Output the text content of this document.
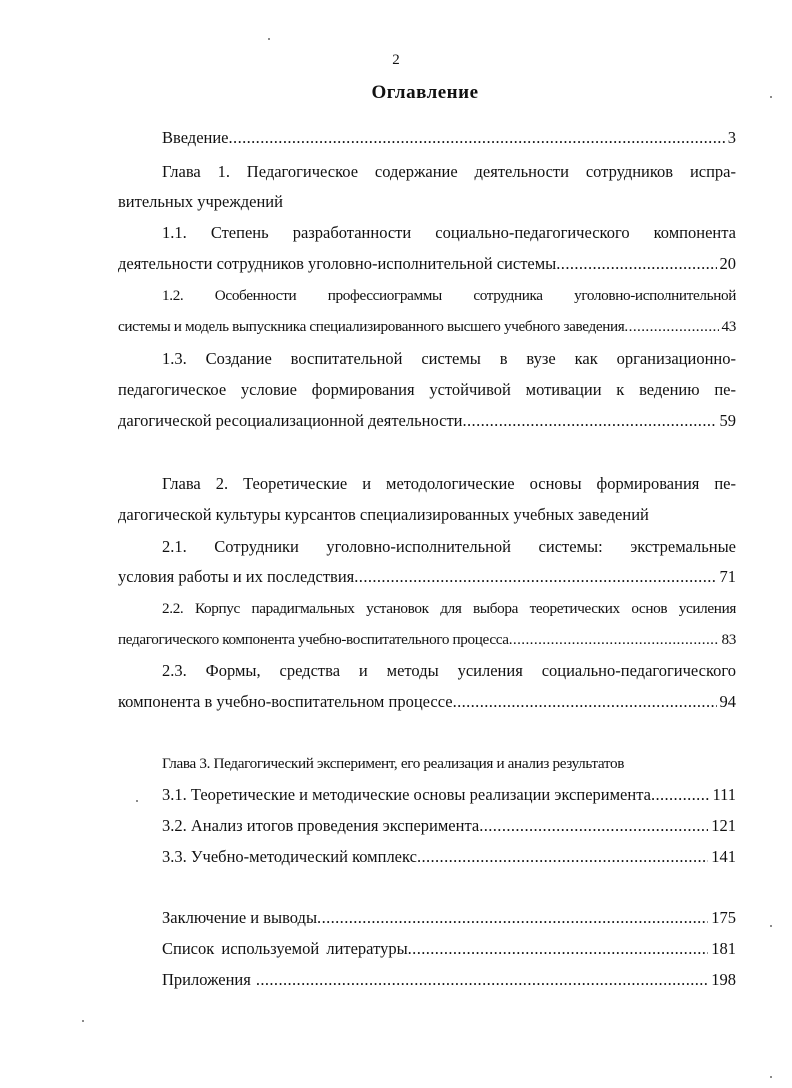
2
Оглавление
Введение .....	3
Глава 1. Педагогическое содержание деятельности сотрудников испра-
вительных учреждений
1.1. Степень разработанности социально-педагогического компонента
деятельности сотрудников уголовно-исполнительной системы .....	20
1.2. Особенности профессиограммы сотрудника уголовно-исполнительной
системы и модель выпускника специализированного высшего учебного заведения .....	43
1.3. Создание воспитательной системы в вузе как организационно-
педагогическое условие формирования устойчивой мотивации к ведению пе-
дагогической ресоциализационной деятельности .....	59
Глава 2. Теоретические и методологические основы формирования пе-
дагогической культуры курсантов специализированных учебных заведений
2.1. Сотрудники уголовно-исполнительной системы: экстремальные
условия работы и их последствия .....	71
2.2. Корпус парадигмальных установок для выбора теоретических основ усиления
педагогического компонента учебно-воспитательного процесса .....	83
2.3. Формы, средства и методы усиления социально-педагогического
компонента в учебно-воспитательном процессе .....	94
Глава 3. Педагогический эксперимент, его реализация и анализ результатов
3.1. Теоретические и методические основы реализации эксперимента .....	111
3.2. Анализ итогов проведения эксперимента .....	121
3.3. Учебно-методический комплекс .....	141
Заключение и выводы .....	175
Список используемой литературы .....	181
Приложения .....	198
